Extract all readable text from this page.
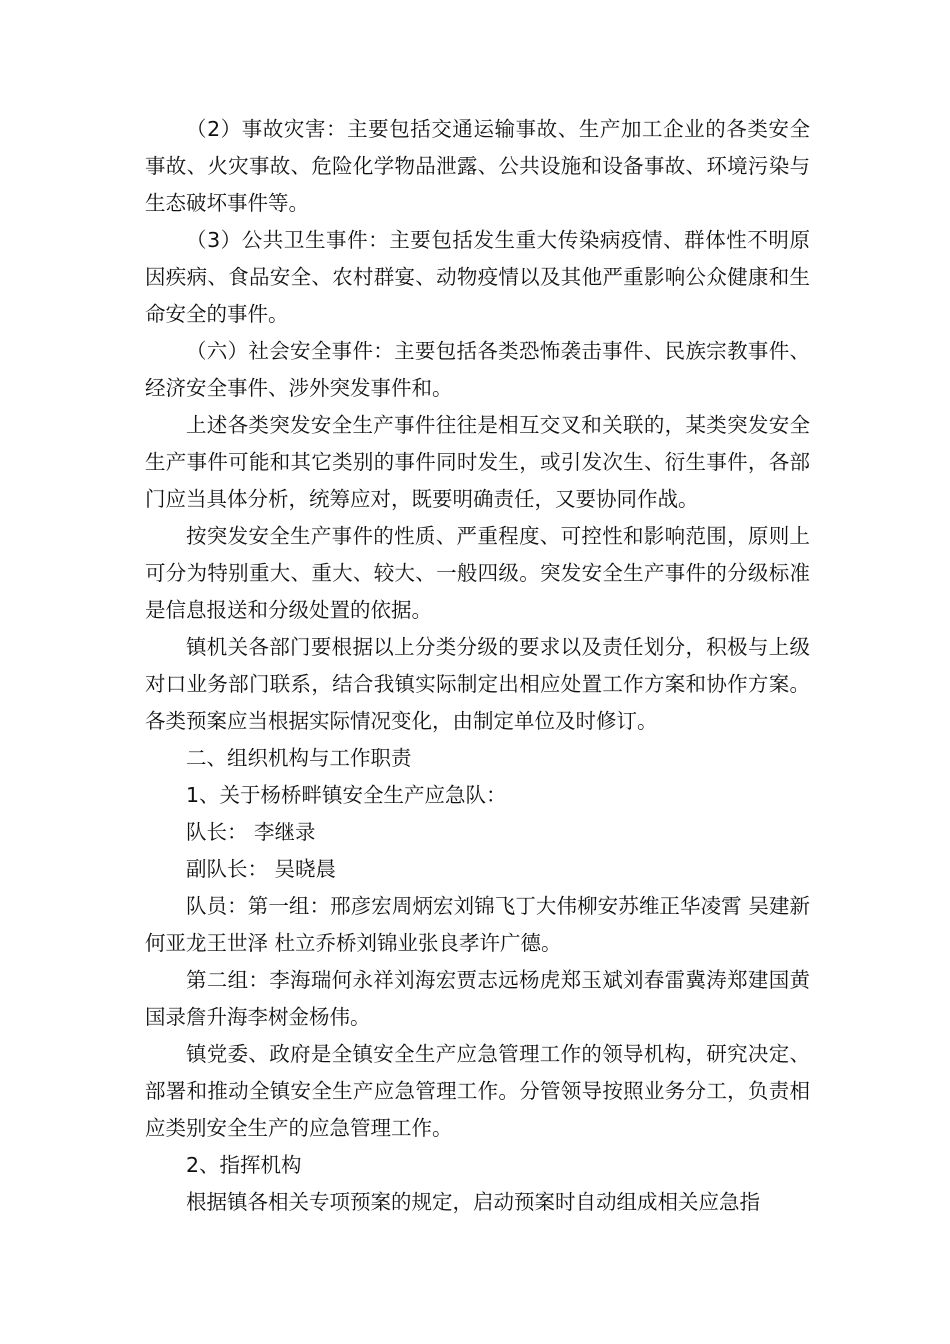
（2）事故灾害：主要包括交通运输事故、生产加工企业的各类安全事故、火灾事故、危险化学物品泄露、公共设施和设备事故、环境污染与生态破坏事件等。

（3）公共卫生事件：主要包括发生重大传染病疫情、群体性不明原因疾病、食品安全、农村群宴、动物疫情以及其他严重影响公众健康和生命安全的事件。

（六）社会安全事件：主要包括各类恐怖袭击事件、民族宗教事件、经济安全事件、涉外突发事件和。

上述各类突发安全生产事件往往是相互交叉和关联的，某类突发安全生产事件可能和其它类别的事件同时发生，或引发次生、衍生事件，各部门应当具体分析，统筹应对，既要明确责任，又要协同作战。

按突发安全生产事件的性质、严重程度、可控性和影响范围，原则上可分为特别重大、重大、较大、一般四级。突发安全生产事件的分级标准是信息报送和分级处置的依据。

镇机关各部门要根据以上分类分级的要求以及责任划分，积极与上级对口业务部门联系，结合我镇实际制定出相应处置工作方案和协作方案。各类预案应当根据实际情况变化，由制定单位及时修订。

二、组织机构与工作职责

1、关于杨桥畔镇安全生产应急队：

队长： 李继录

副队长： 吴晓晨

队员：第一组：邢彦宏周炳宏刘锦飞丁大伟柳安苏维正华凌霄 吴建新 何亚龙王世泽 杜立乔桥刘锦业张良孝许广德。

第二组：李海瑞何永祥刘海宏贾志远杨虎郑玉斌刘春雷冀涛郑建国黄国录詹升海李树金杨伟。

镇党委、政府是全镇安全生产应急管理工作的领导机构，研究决定、部署和推动全镇安全生产应急管理工作。分管领导按照业务分工，负责相应类别安全生产的应急管理工作。

2、指挥机构

根据镇各相关专项预案的规定，启动预案时自动组成相关应急指
